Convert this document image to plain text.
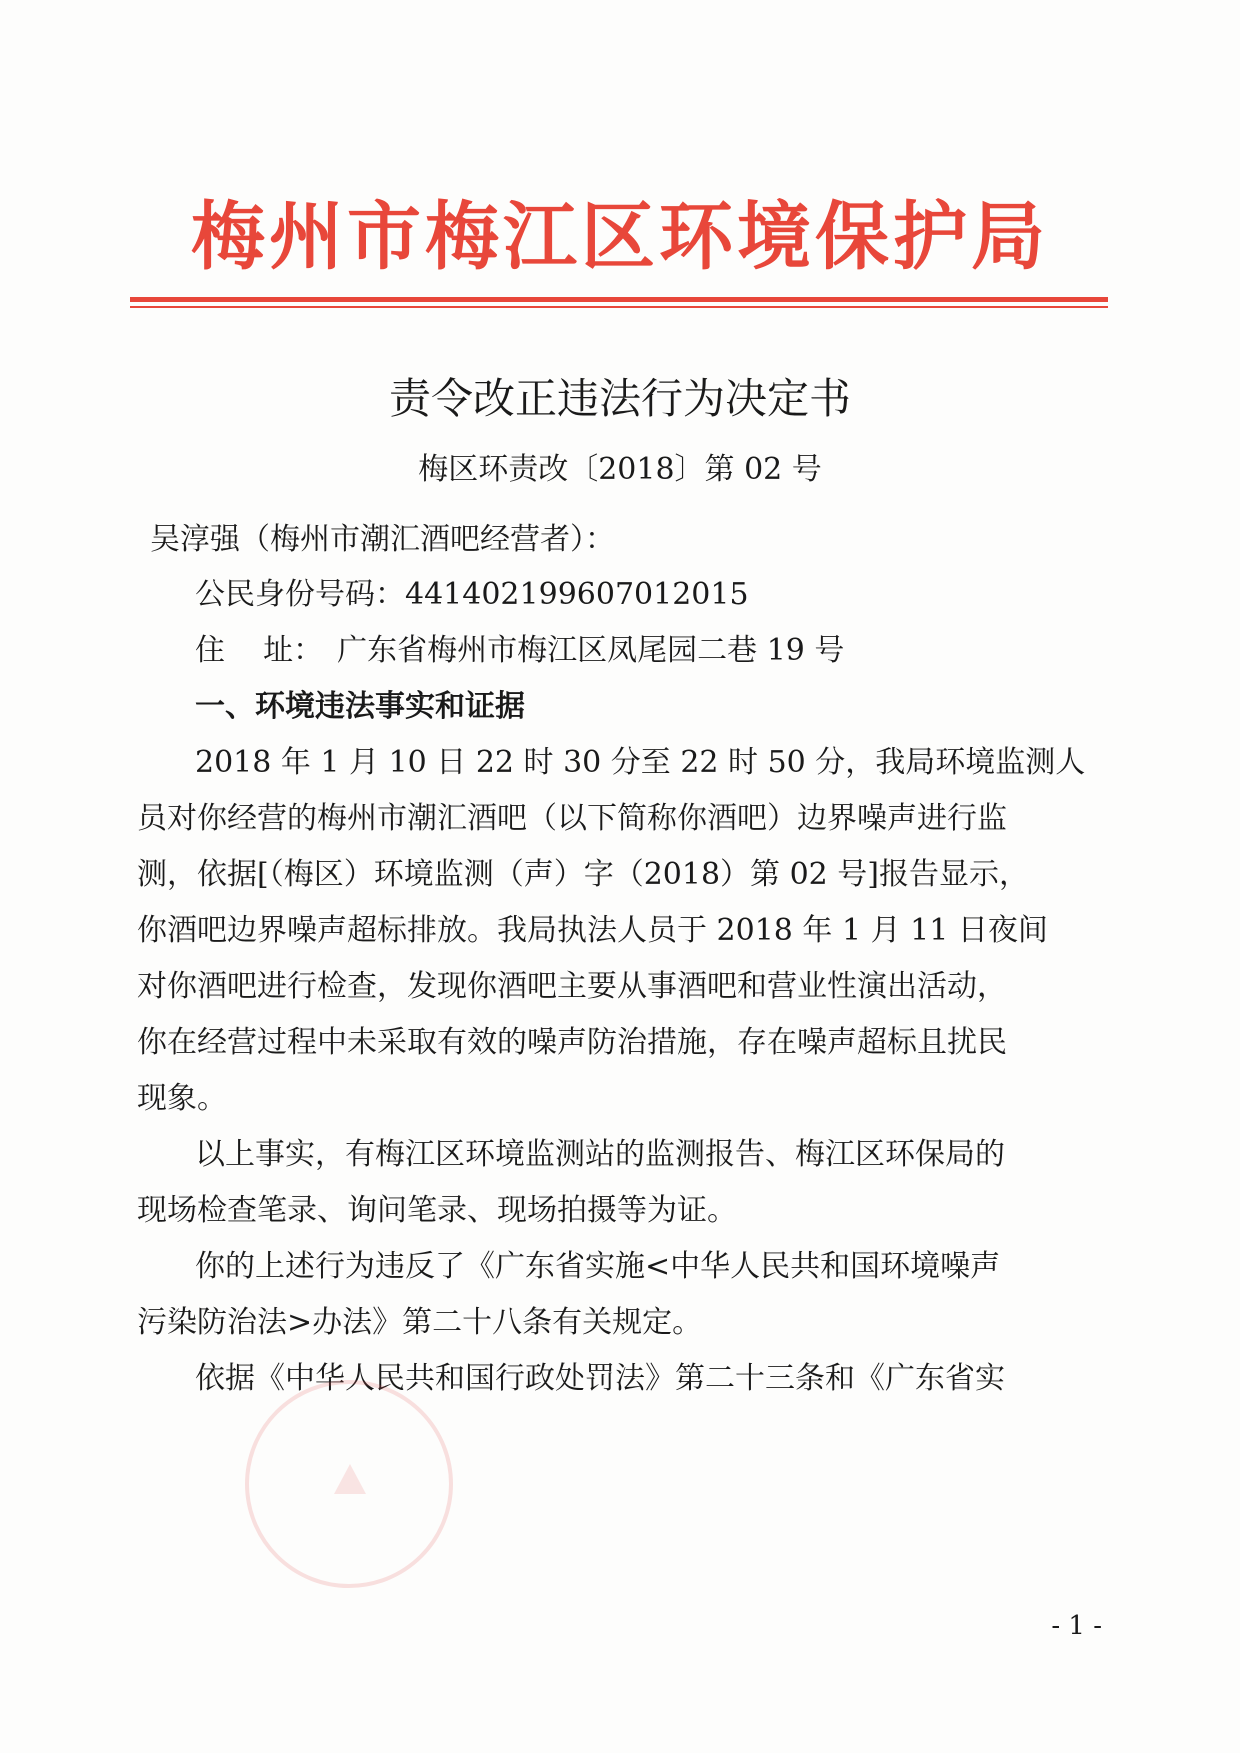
梅州市梅江区环境保护局
责令改正违法行为决定书
梅区环责改〔2018〕第 02 号
吴淳强（梅州市潮汇酒吧经营者）：
公民身份号码：441402199607012015
住    址： 广东省梅州市梅江区凤尾园二巷 19 号
一、环境违法事实和证据
2018 年 1 月 10 日 22 时 30 分至 22 时 50 分，我局环境监测人
员对你经营的梅州市潮汇酒吧（以下简称你酒吧）边界噪声进行监
测，依据[（梅区）环境监测（声）字（2018）第 02 号]报告显示，
你酒吧边界噪声超标排放。我局执法人员于 2018 年 1 月 11 日夜间
对你酒吧进行检查，发现你酒吧主要从事酒吧和营业性演出活动，
你在经营过程中未采取有效的噪声防治措施，存在噪声超标且扰民
现象。
以上事实，有梅江区环境监测站的监测报告、梅江区环保局的
现场检查笔录、询问笔录、现场拍摄等为证。
你的上述行为违反了《广东省实施<中华人民共和国环境噪声
污染防治法>办法》第二十八条有关规定。
依据《中华人民共和国行政处罚法》第二十三条和《广东省实
- 1 -
